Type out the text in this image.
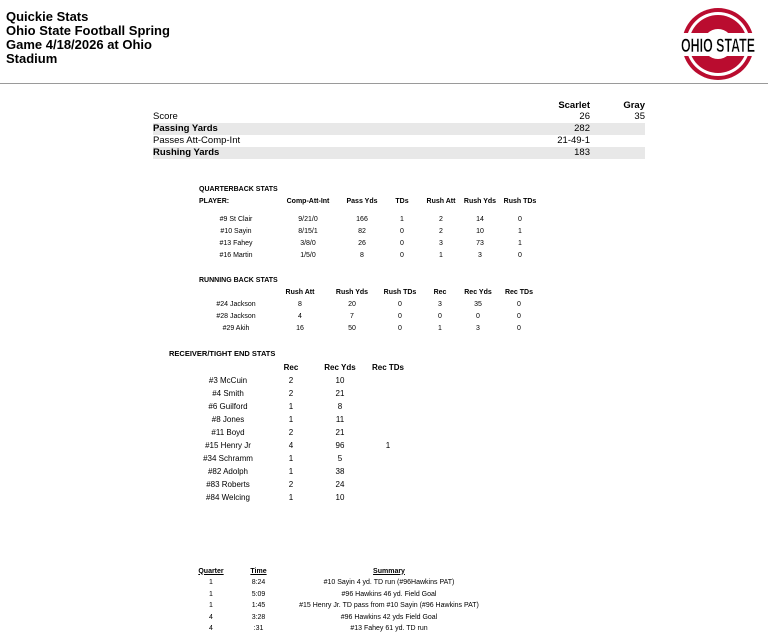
Quickie Stats
Ohio State Football Spring
Game 4/18/2026 at Ohio
Stadium
OHIO STATE
	Scarlet	Gray
Score	26	35
Passing Yards	282	
Passes Att-Comp-Int	21-49-1	
Rushing Yards	183	
QUARTERBACK STATS						
PLAYER:	Comp-Att-Int	Pass Yds	TDs	Rush Att	Rush Yds	Rush TDs

#9 St Clair	9/21/0	166	1	2	14	0
#10 Sayin	8/15/1	82	0	2	10	1
#13 Fahey	3/8/0	26	0	3	73	1
#16 Martin	1/5/0	8	0	1	3	0
RUNNING BACK STATS						
	Rush Att	Rush Yds	Rush TDs	Rec	Rec Yds	Rec TDs
#24 Jackson	8	20	0	3	35	0
#28 Jackson	4	7	0	0	0	0
#29 Akih	16	50	0	1	3	0
RECEIVER/TIGHT END STATS
	Rec	Rec Yds	Rec TDs
#3 McCuin	2	10	
#4 Smith	2	21	
#6 Guilford	1	8	
#8 Jones	1	11	
#11 Boyd	2	21	
#15 Henry Jr	4	96	1
#34 Schramm	1	5	
#82 Adolph	1	38	
#83 Roberts	2	24	
#84 Welcing	1	10	
Quarter	Time	Summary
1	8:24	#10 Sayin 4 yd. TD run (#96Hawkins PAT)
1	5:09	#96 Hawkins 46 yd. Field Goal
1	1:45	#15 Henry Jr. TD pass from #10 Sayin (#96 Hawkins PAT)
4	3:28	#96 Hawkins 42 yds Field Goal
4	:31	#13 Fahey 61 yd. TD run
